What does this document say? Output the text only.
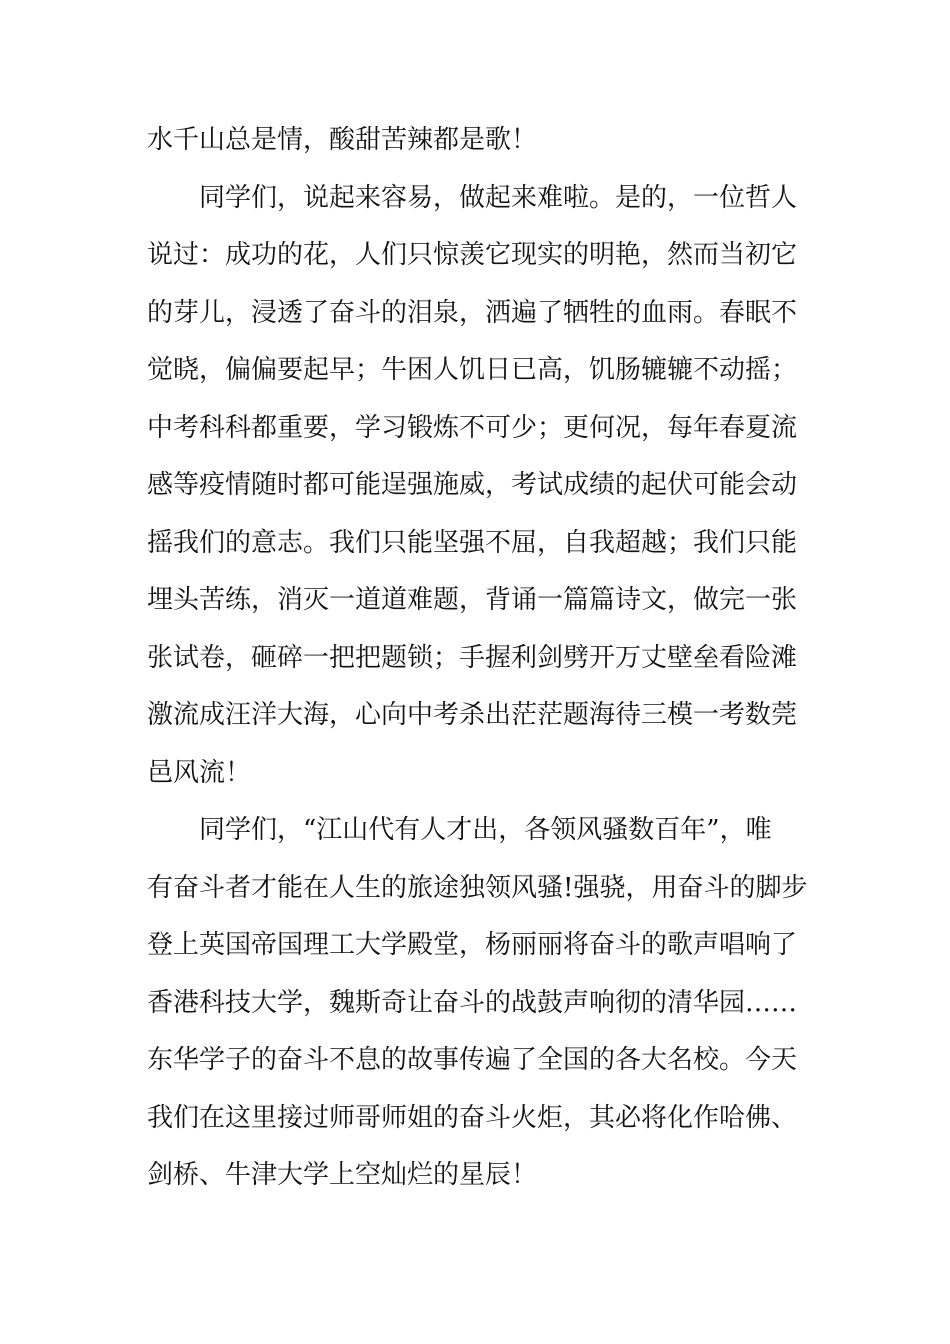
水千山总是情，酸甜苦辣都是歌！
同学们，说起来容易，做起来难啦。是的，一位哲人
说过：成功的花，人们只惊羡它现实的明艳，然而当初它
的芽儿，浸透了奋斗的泪泉，洒遍了牺牲的血雨。春眠不
觉晓，偏偏要起早；牛困人饥日已高，饥肠辘辘不动摇；
中考科科都重要，学习锻炼不可少；更何况，每年春夏流
感等疫情随时都可能逞强施威，考试成绩的起伏可能会动
摇我们的意志。我们只能坚强不屈，自我超越；我们只能
埋头苦练，消灭一道道难题，背诵一篇篇诗文，做完一张
张试卷，砸碎一把把题锁；手握利剑劈开万丈壁垒看险滩
激流成汪洋大海，心向中考杀出茫茫题海待三模一考数莞
邑风流！
同学们，“江山代有人才出，各领风骚数百年”，唯
有奋斗者才能在人生的旅途独领风骚!强骁，用奋斗的脚步
登上英国帝国理工大学殿堂，杨丽丽将奋斗的歌声唱响了
香港科技大学，魏斯奇让奋斗的战鼓声响彻的清华园……
东华学子的奋斗不息的故事传遍了全国的各大名校。今天
我们在这里接过师哥师姐的奋斗火炬，其必将化作哈佛、
剑桥、牛津大学上空灿烂的星辰！
